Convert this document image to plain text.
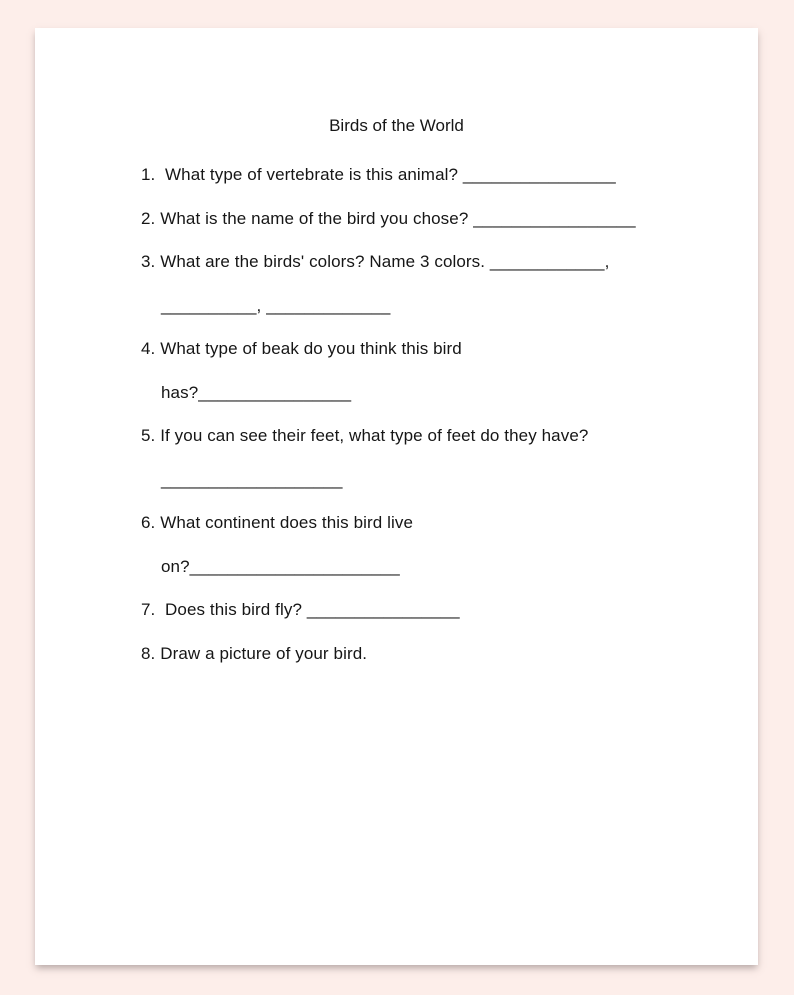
Birds of the World
1.  What type of vertebrate is this animal? ________________
2. What is the name of the bird you chose? _________________
3. What are the birds' colors? Name 3 colors. ____________,
__________, _____________
4. What type of beak do you think this bird
has?________________
5. If you can see their feet, what type of feet do they have?
___________________
6. What continent does this bird live
on?______________________
7.  Does this bird fly? ________________
8. Draw a picture of your bird.
